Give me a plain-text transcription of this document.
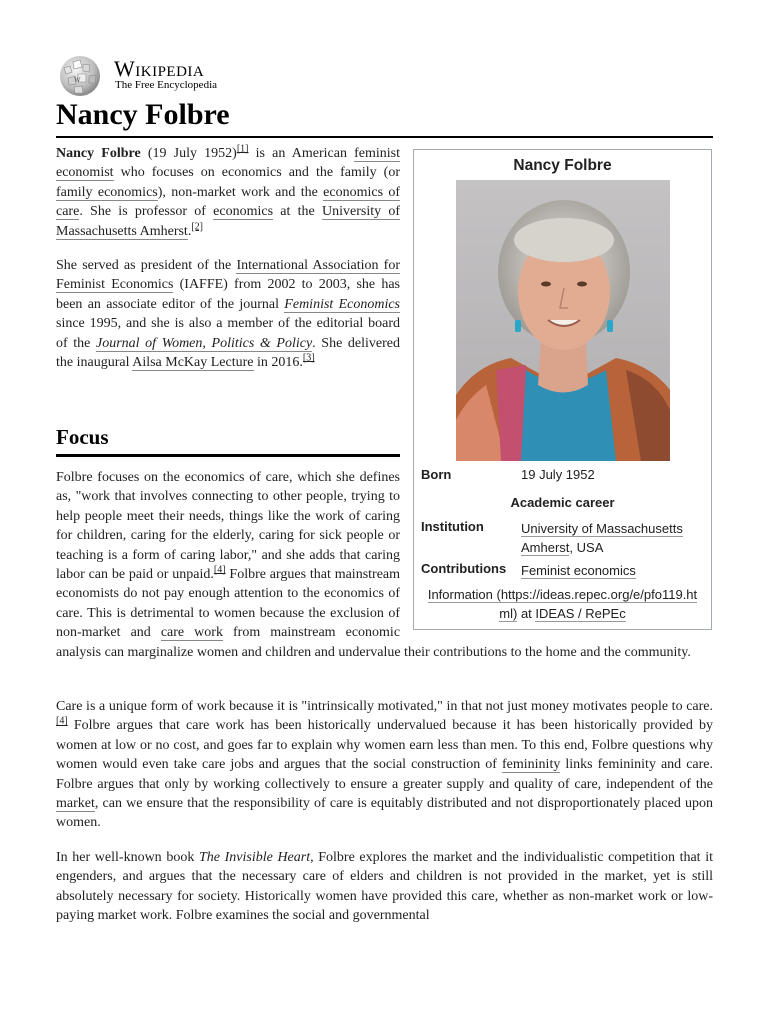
W Wikipedia
The Free Encyclopedia
Nancy Folbre
Nancy Folbre
Born	19 July 1952
Academic career
Institution	University of Massachusetts Amherst, USA
Contributions Feminist economics
Information (https://ideas.repec.org/e/pfo119.ht
ml) at IDEAS / RePEc

Nancy Folbre (19 July 1952)[1] is an American feminist economist who focuses on economics and the family (or family economics), non-market work and the economics of care. She is professor of economics at the University of Massachusetts Amherst.[2]

She served as president of the International Association for Feminist Economics (IAFFE) from 2002 to 2003, she has been an associate editor of the journal Feminist Economics since 1995, and she is also a member of the editorial board of the Journal of Women, Politics & Policy. She delivered the inaugural Ailsa McKay Lecture in 2016.[3]

Focus

Folbre focuses on the economics of care, which she defines as, "work that involves connecting to other people, trying to help people meet their needs, things like the work of caring for children, caring for the elderly, caring for sick people or teaching is a form of caring labor," and she adds that caring labor can be paid or unpaid.[4] Folbre argues that mainstream economists do not pay enough attention to the economics of care. This is detrimental to women because the exclusion of non-market and care work from mainstream economic analysis can marginalize women and children and undervalue their contributions to the home and the community.

Care is a unique form of work because it is "intrinsically motivated," in that not just money motivates people to care.[4] Folbre argues that care work has been historically undervalued because it has been historically provided by women at low or no cost, and goes far to explain why women earn less than men. To this end, Folbre questions why women would even take care jobs and argues that the social construction of femininity links femininity and care. Folbre argues that only by working collectively to ensure a greater supply and quality of care, independent of the market, can we ensure that the responsibility of care is equitably distributed and not disproportionately placed upon women.

In her well-known book The Invisible Heart, Folbre explores the market and the individualistic competition that it engenders, and argues that the necessary care of elders and children is not provided in the market, yet is still absolutely necessary for society. Historically women have provided this care, whether as non-market work or low-paying market work. Folbre examines the social and governmental
